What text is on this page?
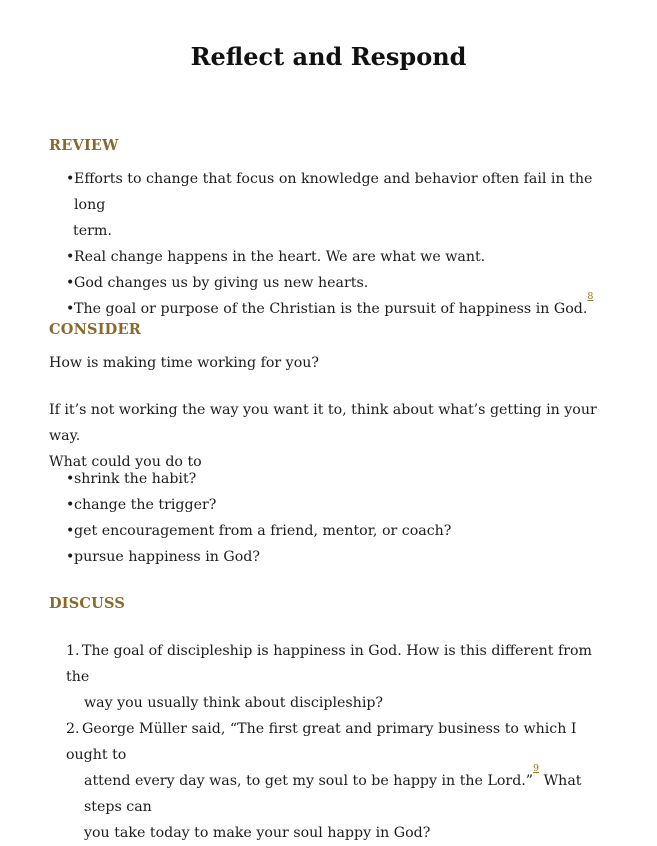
Reflect and Respond
REVIEW
•Efforts to change that focus on knowledge and behavior often fail in the long
term.
•Real change happens in the heart. We are what we want.
•God changes us by giving us new hearts.
•The goal or purpose of the Christian is the pursuit of happiness in God.$^8$
CONSIDER

How is making time working for you?

If it’s not working the way you want it to, think about what’s getting in your way.
What could you do to

•shrink the habit?
•change the trigger?
•get encouragement from a friend, mentor, or coach?
•pursue happiness in God?
DISCUSS
1. The goal of discipleship is happiness in God. How is this different from the
way you usually think about discipleship?
2. George Müller said, “The first great and primary business to which I ought to
attend every day was, to get my soul to be happy in the Lord.”$^9$ What steps can
you take today to make your soul happy in God?
